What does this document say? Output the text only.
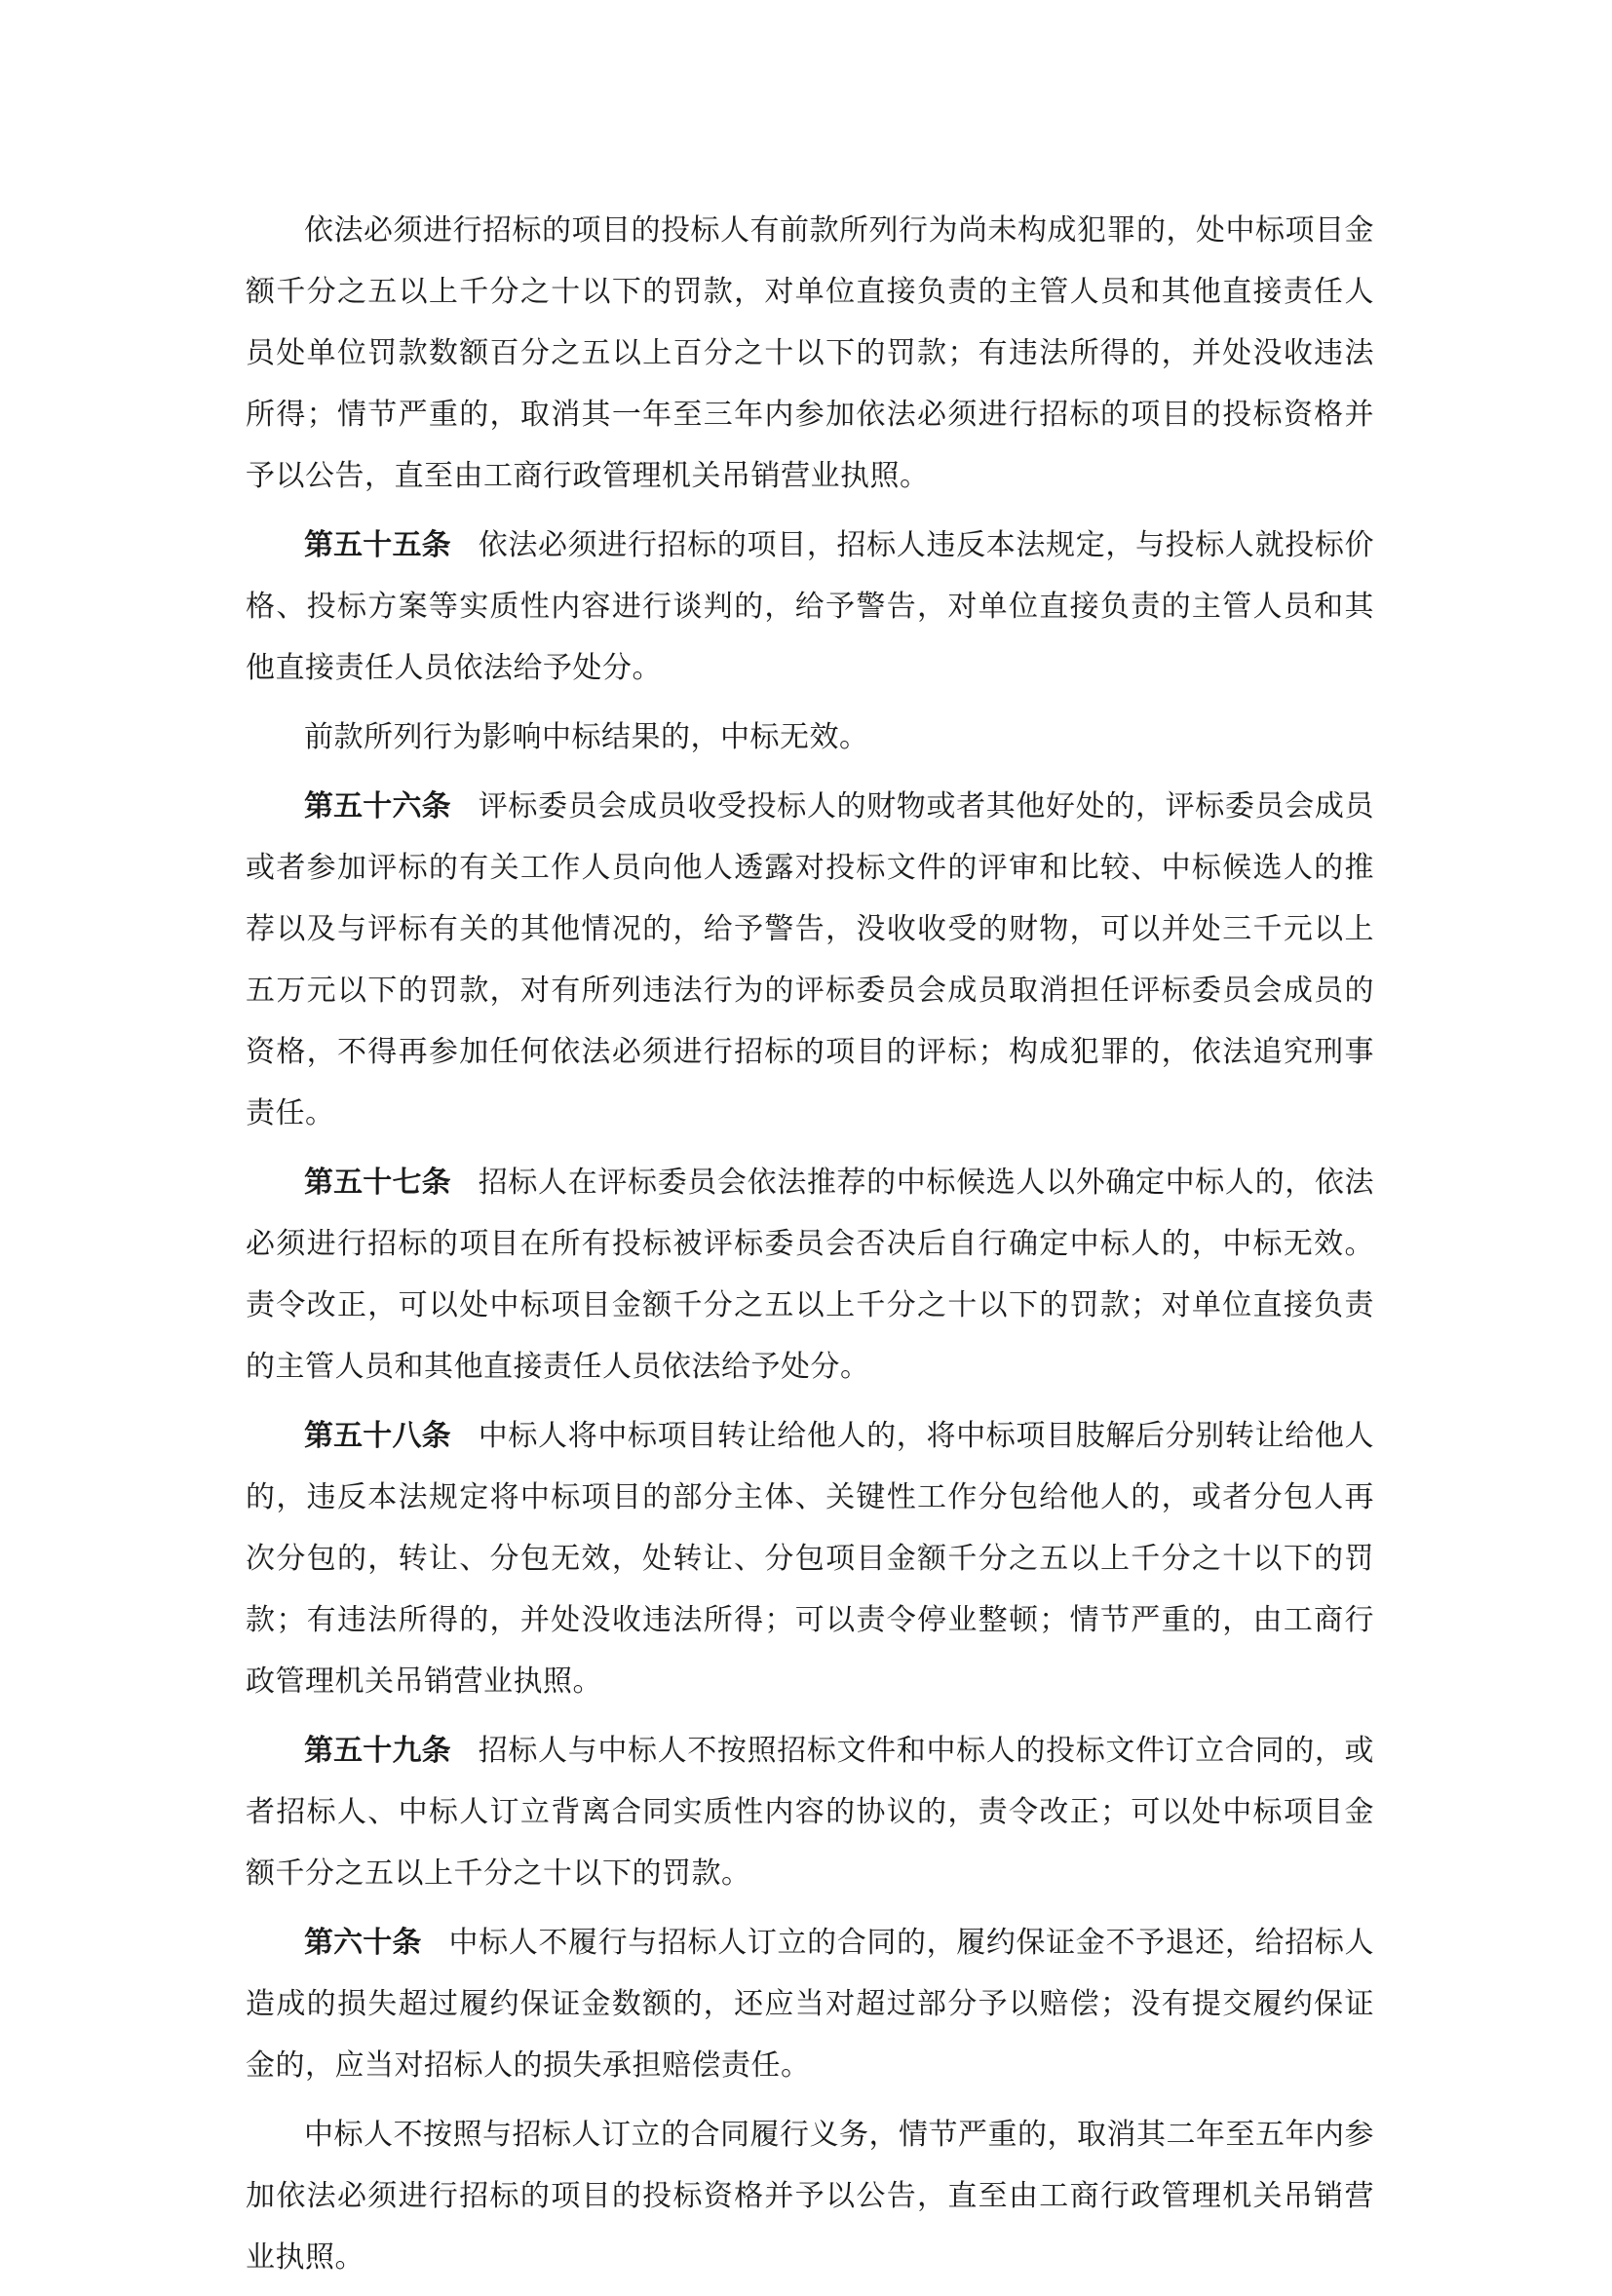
依法必须进行招标的项目的投标人有前款所列行为尚未构成犯罪的，处中标项目金额千分之五以上千分之十以下的罚款，对单位直接负责的主管人员和其他直接责任人员处单位罚款数额百分之五以上百分之十以下的罚款；有违法所得的，并处没收违法所得；情节严重的，取消其一年至三年内参加依法必须进行招标的项目的投标资格并予以公告，直至由工商行政管理机关吊销营业执照。

第五十五条 依法必须进行招标的项目，招标人违反本法规定，与投标人就投标价格、投标方案等实质性内容进行谈判的，给予警告，对单位直接负责的主管人员和其他直接责任人员依法给予处分。

前款所列行为影响中标结果的，中标无效。

第五十六条 评标委员会成员收受投标人的财物或者其他好处的，评标委员会成员或者参加评标的有关工作人员向他人透露对投标文件的评审和比较、中标候选人的推荐以及与评标有关的其他情况的，给予警告，没收收受的财物，可以并处三千元以上五万元以下的罚款，对有所列违法行为的评标委员会成员取消担任评标委员会成员的资格，不得再参加任何依法必须进行招标的项目的评标；构成犯罪的，依法追究刑事责任。

第五十七条 招标人在评标委员会依法推荐的中标候选人以外确定中标人的，依法必须进行招标的项目在所有投标被评标委员会否决后自行确定中标人的，中标无效。责令改正，可以处中标项目金额千分之五以上千分之十以下的罚款；对单位直接负责的主管人员和其他直接责任人员依法给予处分。

第五十八条 中标人将中标项目转让给他人的，将中标项目肢解后分别转让给他人的，违反本法规定将中标项目的部分主体、关键性工作分包给他人的，或者分包人再次分包的，转让、分包无效，处转让、分包项目金额千分之五以上千分之十以下的罚款；有违法所得的，并处没收违法所得；可以责令停业整顿；情节严重的，由工商行政管理机关吊销营业执照。

第五十九条 招标人与中标人不按照招标文件和中标人的投标文件订立合同的，或者招标人、中标人订立背离合同实质性内容的协议的，责令改正；可以处中标项目金额千分之五以上千分之十以下的罚款。

第六十条 中标人不履行与招标人订立的合同的，履约保证金不予退还，给招标人造成的损失超过履约保证金数额的，还应当对超过部分予以赔偿；没有提交履约保证金的，应当对招标人的损失承担赔偿责任。

中标人不按照与招标人订立的合同履行义务，情节严重的，取消其二年至五年内参加依法必须进行招标的项目的投标资格并予以公告，直至由工商行政管理机关吊销营业执照。
